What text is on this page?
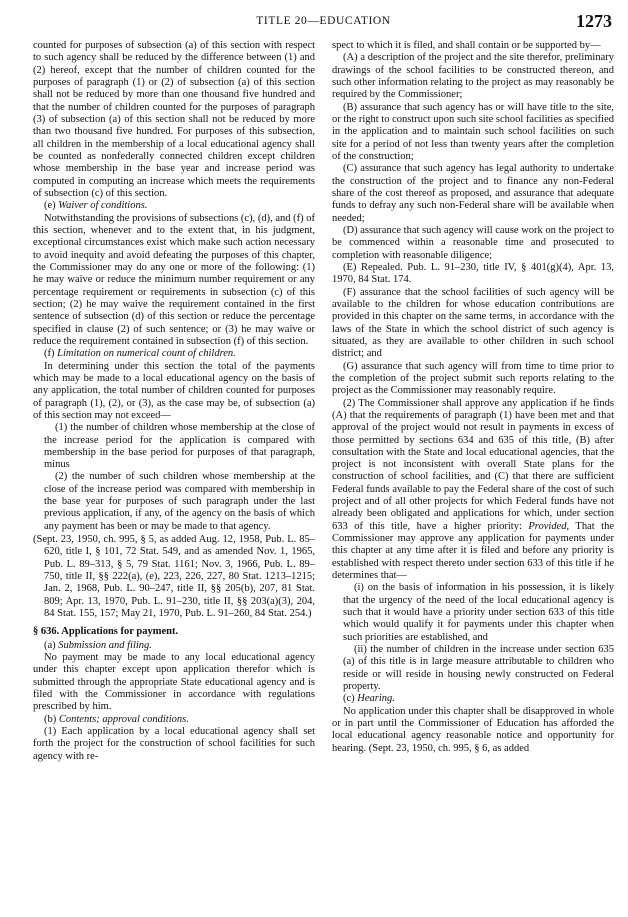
TITLE 20—EDUCATION	1273

counted for purposes of subsection (a) of this section with respect to such agency shall be reduced by the difference between (1) and (2) hereof, except that the number of children counted for the purposes of paragraph (1) or (2) of subsection (a) of this section shall not be reduced by more than one thousand five hundred and that the number of children counted for the purposes of paragraph (3) of subsection (a) of this section shall not be reduced by more than two thousand five hundred. For purposes of this subsection, all children in the membership of a local educational agency shall be counted as nonfederally connected children except children whose membership in the base year and increase period was computed in computing an increase which meets the requirements of subsection (c) of this section.

(e) Waiver of conditions.

Notwithstanding the provisions of subsections (c), (d), and (f) of this section, whenever and to the extent that, in his judgment, exceptional circumstances exist which make such action necessary to avoid inequity and avoid defeating the purposes of this chapter, the Commissioner may do any one or more of the following: (1) he may waive or reduce the minimum number requirement or any percentage requirement or requirements in subsection (c) of this section; (2) he may waive the requirement contained in the first sentence of subsection (d) of this section or reduce the percentage specified in clause (2) of such sentence; or (3) he may waive or reduce the requirement contained in subsection (f) of this section.

(f) Limitation on numerical count of children.

In determining under this section the total of the payments which may be made to a local educational agency on the basis of any application, the total number of children counted for purposes of paragraph (1), (2), or (3), as the case may be, of subsection (a) of this section may not exceed—

(1) the number of children whose membership at the close of the increase period for the application is compared with membership in the base period for purposes of that paragraph, minus

(2) the number of such children whose membership at the close of the increase period was compared with membership in the base year for purposes of such paragraph under the last previous application, if any, of the agency on the basis of which any payment has been or may be made to that agency.

(Sept. 23, 1950, ch. 995, § 5, as added Aug. 12, 1958, Pub. L. 85–620, title I, § 101, 72 Stat. 549, and as amended Nov. 1, 1965, Pub. L. 89–313, § 5, 79 Stat. 1161; Nov. 3, 1966, Pub. L. 89–750, title II, §§ 222(a), (e), 223, 226, 227, 80 Stat. 1213–1215; Jan. 2, 1968, Pub. L. 90–247, title II, §§ 205(b), 207, 81 Stat. 809; Apr. 13, 1970, Pub. L. 91–230, title II, §§ 203(a)(3), 204, 84 Stat. 155, 157; May 21, 1970, Pub. L. 91–260, 84 Stat. 254.)

§ 636. Applications for payment.

(a) Submission and filing.

No payment may be made to any local educational agency under this chapter except upon application therefor which is submitted through the appropriate State educational agency and is filed with the Commissioner in accordance with regulations prescribed by him.

(b) Contents; approval conditions.

(1) Each application by a local educational agency shall set forth the project for the construction of school facilities for such agency with re-

spect to which it is filed, and shall contain or be supported by—

(A) a description of the project and the site therefor, preliminary drawings of the school facilities to be constructed thereon, and such other information relating to the project as may reasonably be required by the Commissioner;

(B) assurance that such agency has or will have title to the site, or the right to construct upon such site school facilities as specified in the application and to maintain such school facilities on such site for a period of not less than twenty years after the completion of the construction;

(C) assurance that such agency has legal authority to undertake the construction of the project and to finance any non-Federal share of the cost thereof as proposed, and assurance that adequate funds to defray any such non-Federal share will be available when needed;

(D) assurance that such agency will cause work on the project to be commenced within a reasonable time and prosecuted to completion with reasonable diligence;

(E) Repealed. Pub. L. 91–230, title IV, § 401(g)(4), Apr. 13, 1970, 84 Stat. 174.

(F) assurance that the school facilities of such agency will be available to the children for whose education contributions are provided in this chapter on the same terms, in accordance with the laws of the State in which the school district of such agency is situated, as they are available to other children in such school district; and

(G) assurance that such agency will from time to time prior to the completion of the project submit such reports relating to the project as the Commissioner may reasonably require.

(2) The Commissioner shall approve any application if he finds (A) that the requirements of paragraph (1) have been met and that approval of the project would not result in payments in excess of those permitted by sections 634 and 635 of this title, (B) after consultation with the State and local educational agencies, that the project is not inconsistent with overall State plans for the construction of school facilities, and (C) that there are sufficient Federal funds available to pay the Federal share of the cost of such project and of all other projects for which Federal funds have not already been obligated and applications for which, under section 633 of this title, have a higher priority: Provided, That the Commissioner may approve any application for payments under this chapter at any time after it is filed and before any priority is established with respect thereto under section 633 of this title if he determines that—

(i) on the basis of information in his possession, it is likely that the urgency of the need of the local educational agency is such that it would have a priority under section 633 of this title which would qualify it for payments under this chapter when such priorities are established, and

(ii) the number of children in the increase under section 635 (a) of this title is in large measure attributable to children who reside or will reside in housing newly constructed on Federal property.

(c) Hearing.

No application under this chapter shall be disapproved in whole or in part until the Commissioner of Education has afforded the local educational agency reasonable notice and opportunity for hearing. (Sept. 23, 1950, ch. 995, § 6, as added
